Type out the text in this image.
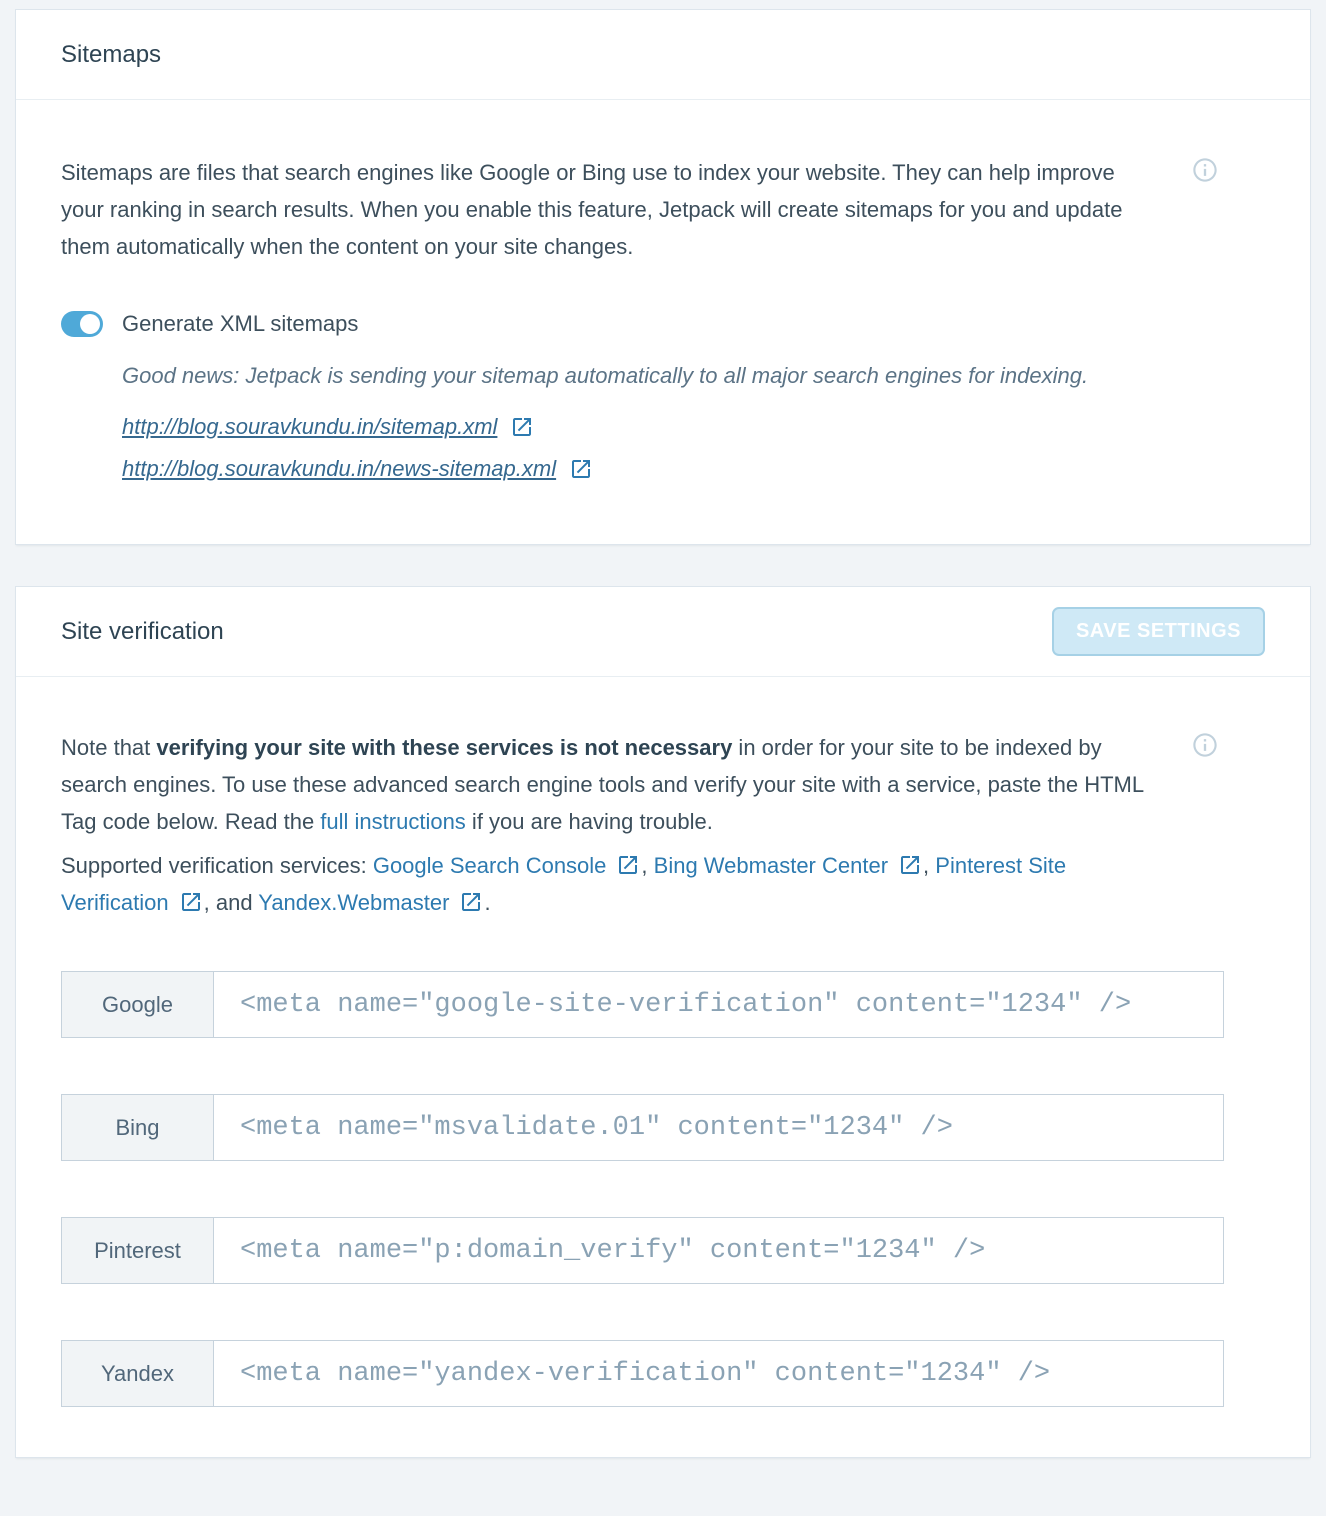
Sitemaps

Sitemaps are files that search engines like Google or Bing use to index your website. They can help improve your ranking in search results. When you enable this feature, Jetpack will create sitemaps for you and update them automatically when the content on your site changes.

Generate XML sitemaps

Good news: Jetpack is sending your sitemap automatically to all major search engines for indexing.

http://blog.souravkundu.in/sitemap.xml
http://blog.souravkundu.in/news-sitemap.xml
Site verification	SAVE SETTINGS

Note that verifying your site with these services is not necessary in order for your site to be indexed by search engines. To use these advanced search engine tools and verify your site with a service, paste the HTML Tag code below. Read the full instructions if you are having trouble.

Supported verification services: Google Search Console , Bing Webmaster Center , Pinterest Site Verification , and Yandex.Webmaster .

Google
<meta name="google-site-verification" content="1234" />
Bing
<meta name="msvalidate.01" content="1234" />
Pinterest
<meta name="p:domain_verify" content="1234" />
Yandex
<meta name="yandex-verification" content="1234" />
